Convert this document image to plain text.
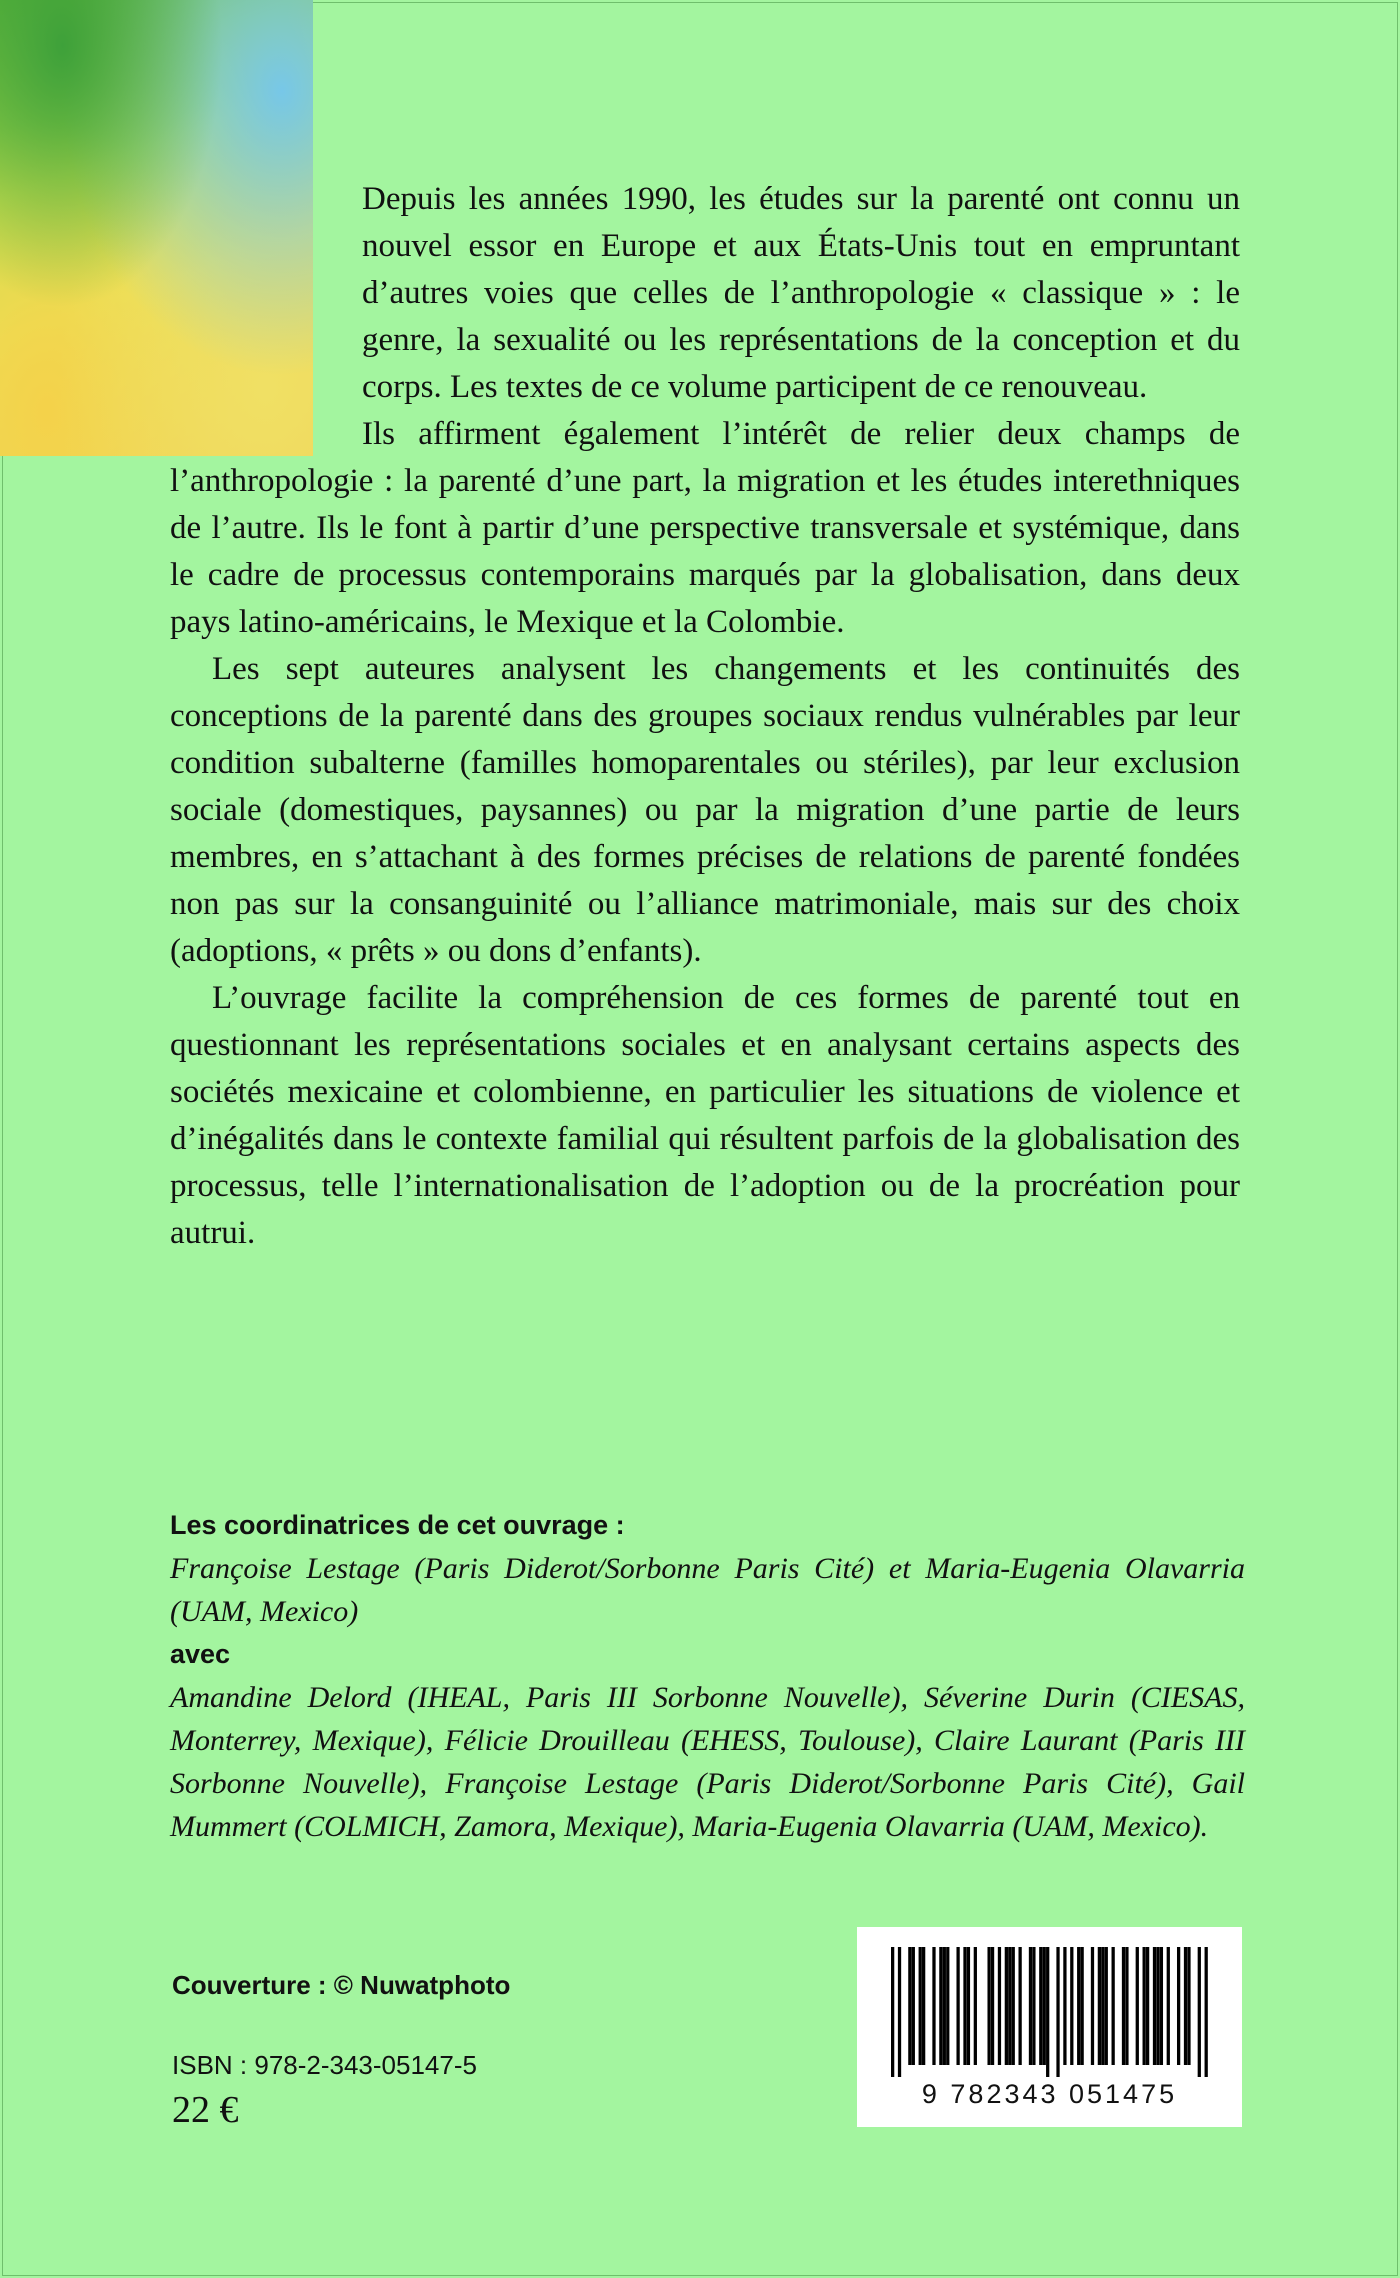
Depuis les années 1990, les études sur la parenté ont connu un nouvel essor en Europe et aux États-Unis tout en empruntant d’autres voies que celles de l’anthropologie « classique » : le genre, la sexualité ou les représentations de la conception et du corps. Les textes de ce volume participent de ce renouveau.

Ils affirment également l’intérêt de relier deux champs de l’anthropologie : la parenté d’une part, la migration et les études interethniques de l’autre. Ils le font à partir d’une perspective transversale et systémique, dans le cadre de processus contemporains marqués par la globalisation, dans deux pays latino-américains, le Mexique et la Colombie.

Les sept auteures analysent les changements et les continuités des conceptions de la parenté dans des groupes sociaux rendus vulnérables par leur condition subalterne (familles homoparentales ou stériles), par leur exclusion sociale (domestiques, paysannes) ou par la migration d’une partie de leurs membres, en s’attachant à des formes précises de relations de parenté fondées non pas sur la consanguinité ou l’alliance matrimoniale, mais sur des choix (adoptions, « prêts » ou dons d’enfants).

L’ouvrage facilite la compréhension de ces formes de parenté tout en questionnant les représentations sociales et en analysant certains aspects des sociétés mexicaine et colombienne, en particulier les situations de violence et d’inégalités dans le contexte familial qui résultent parfois de la globalisation des processus, telle l’internationalisation de l’adoption ou de la procréation pour autrui.

Les coordinatrices de cet ouvrage :
Françoise Lestage (Paris Diderot/Sorbonne Paris Cité) et Maria-Eugenia Olavarria (UAM, Mexico)
avec
Amandine Delord (IHEAL, Paris III Sorbonne Nouvelle), Séverine Durin (CIESAS, Monterrey, Mexique), Félicie Drouilleau (EHESS, Toulouse), Claire Laurant (Paris III Sorbonne Nouvelle), Françoise Lestage (Paris Diderot/Sorbonne Paris Cité), Gail Mummert (COLMICH, Zamora, Mexique), Maria-Eugenia Olavarria (UAM, Mexico).
Couverture : © Nuwatphoto
ISBN : 978-2-343-05147-5
22 €	9 782343 051475
